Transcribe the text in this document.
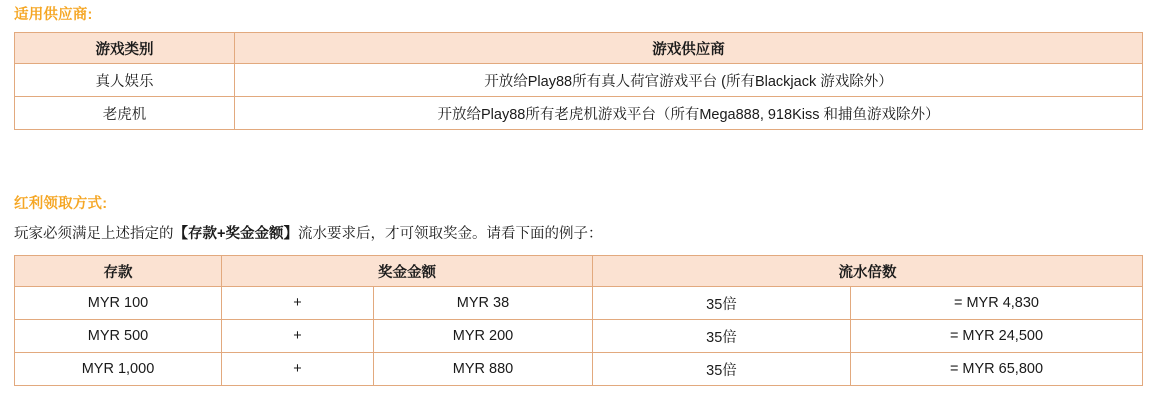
适用供应商:
游戏类别	游戏供应商
真人娱乐	开放给Play88所有真人荷官游戏平台 (所有Blackjack 游戏除外）
老虎机	开放给Play88所有老虎机游戏平台（所有Mega888, 918Kiss 和捕鱼游戏除外）
红利领取方式:
玩家必须满足上述指定的【存款+奖金金额】流水要求后，才可领取奖金。请看下面的例子：
存款	奖金金额		流水倍数	
MYR 100	+	MYR 38	35倍	= MYR 4,830
MYR 500	+	MYR 200	35倍	= MYR 24,500
MYR 1,000	+	MYR 880	35倍	= MYR 65,800
